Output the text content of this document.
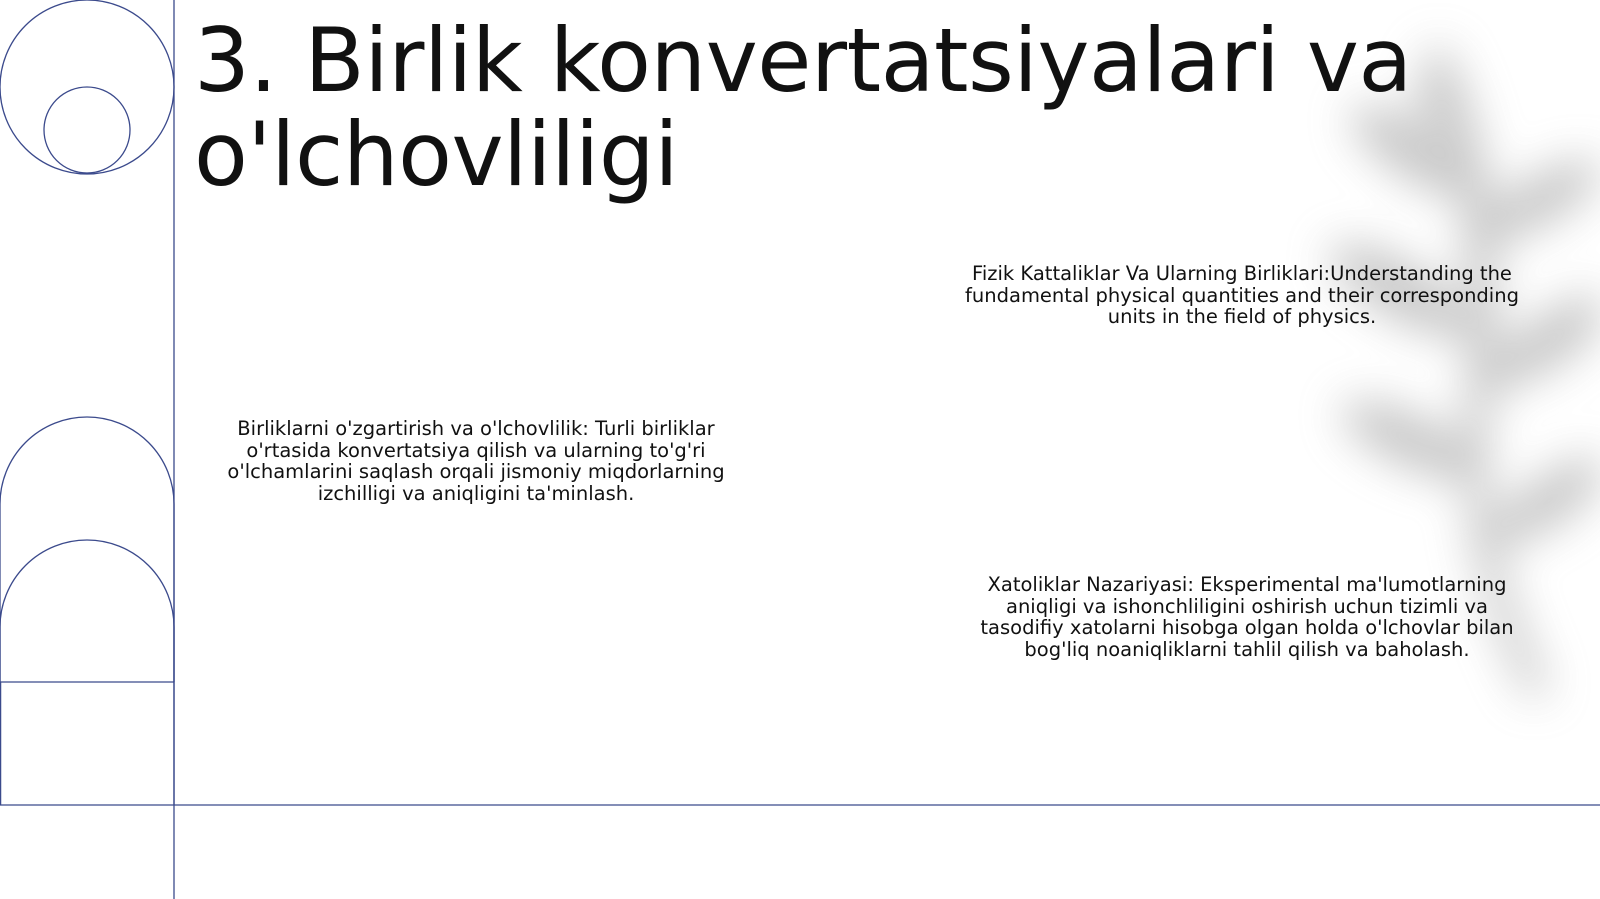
3. Birlik konvertatsiyalari va o'lchovliligi

Fizik Kattaliklar Va Ularning Birliklari:Understanding the fundamental physical quantities and their corresponding units in the field of physics.

Birliklarni o'zgartirish va o'lchovlilik: Turli birliklar o'rtasida konvertatsiya qilish va ularning to'g'ri o'lchamlarini saqlash orqali jismoniy miqdorlarning izchilligi va aniqligini ta'minlash.

Xatoliklar Nazariyasi: Eksperimental ma'lumotlarning aniqligi va ishonchliligini oshirish uchun tizimli va tasodifiy xatolarni hisobga olgan holda o'lchovlar bilan bog'liq noaniqliklarni tahlil qilish va baholash.
